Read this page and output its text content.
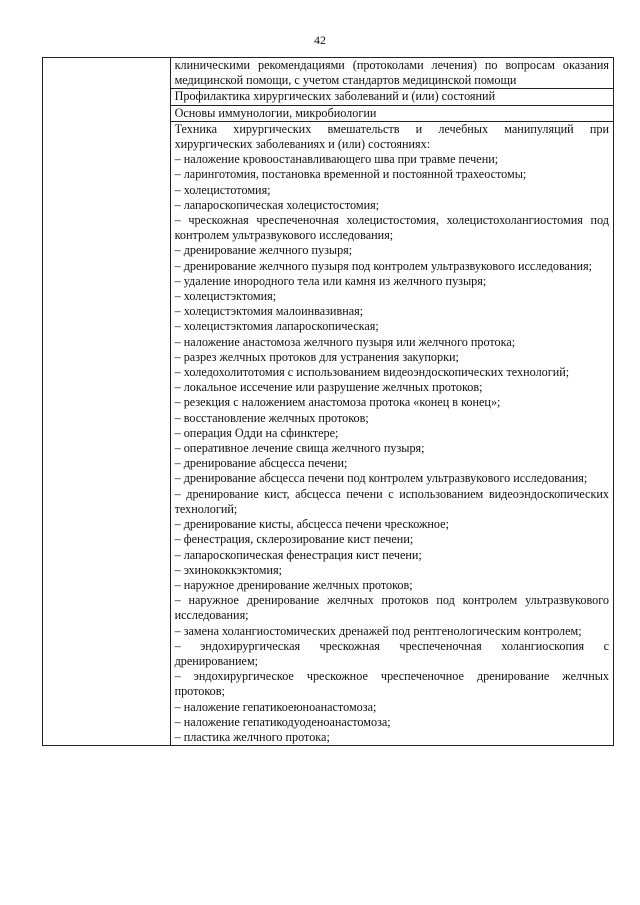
42

клиническими рекомендациями (протоколами лечения) по вопросам оказания медицинской помощи, с учетом стандартов медицинской помощи

Профилактика хирургических заболеваний и (или) состояний

Основы иммунологии, микробиологии

Техника хирургических вмешательств и лечебных манипуляций при хирургических заболеваниях и (или) состояниях:

– наложение кровоостанавливающего шва при травме печени;

– ларинготомия, постановка временной и постоянной трахеостомы;

– холецистотомия;

– лапароскопическая холецистостомия;

– чрескожная чреспеченочная холецистостомия, холецистохолангиостомия под контролем ультразвукового исследования;

– дренирование желчного пузыря;

– дренирование желчного пузыря под контролем ультразвукового исследования;

– удаление инородного тела или камня из желчного пузыря;

– холецистэктомия;

– холецистэктомия малоинвазивная;

– холецистэктомия лапароскопическая;

– наложение анастомоза желчного пузыря или желчного протока;

– разрез желчных протоков для устранения закупорки;

– холедохолитотомия с использованием видеоэндоскопических технологий;

– локальное иссечение или разрушение желчных протоков;

– резекция с наложением анастомоза протока «конец в конец»;

– восстановление желчных протоков;

– операция Одди на сфинктере;

– оперативное лечение свища желчного пузыря;

– дренирование абсцесса печени;

– дренирование абсцесса печени под контролем ультразвукового исследования;

– дренирование кист, абсцесса печени с использованием видеоэндоскопических технологий;

– дренирование кисты, абсцесса печени чрескожное;

– фенестрация, склерозирование кист печени;

– лапароскопическая фенестрация кист печени;

– эхинококкэктомия;

– наружное дренирование желчных протоков;

– наружное дренирование желчных протоков под контролем ультразвукового исследования;

– замена холангиостомических дренажей под рентгенологическим контролем;

– эндохирургическая чрескожная чреспеченочная холангиоскопия с дренированием;

– эндохирургическое чрескожное чреспеченочное дренирование желчных протоков;

– наложение гепатикоеюноанастомоза;

– наложение гепатикодуоденоанастомоза;

– пластика желчного протока;
